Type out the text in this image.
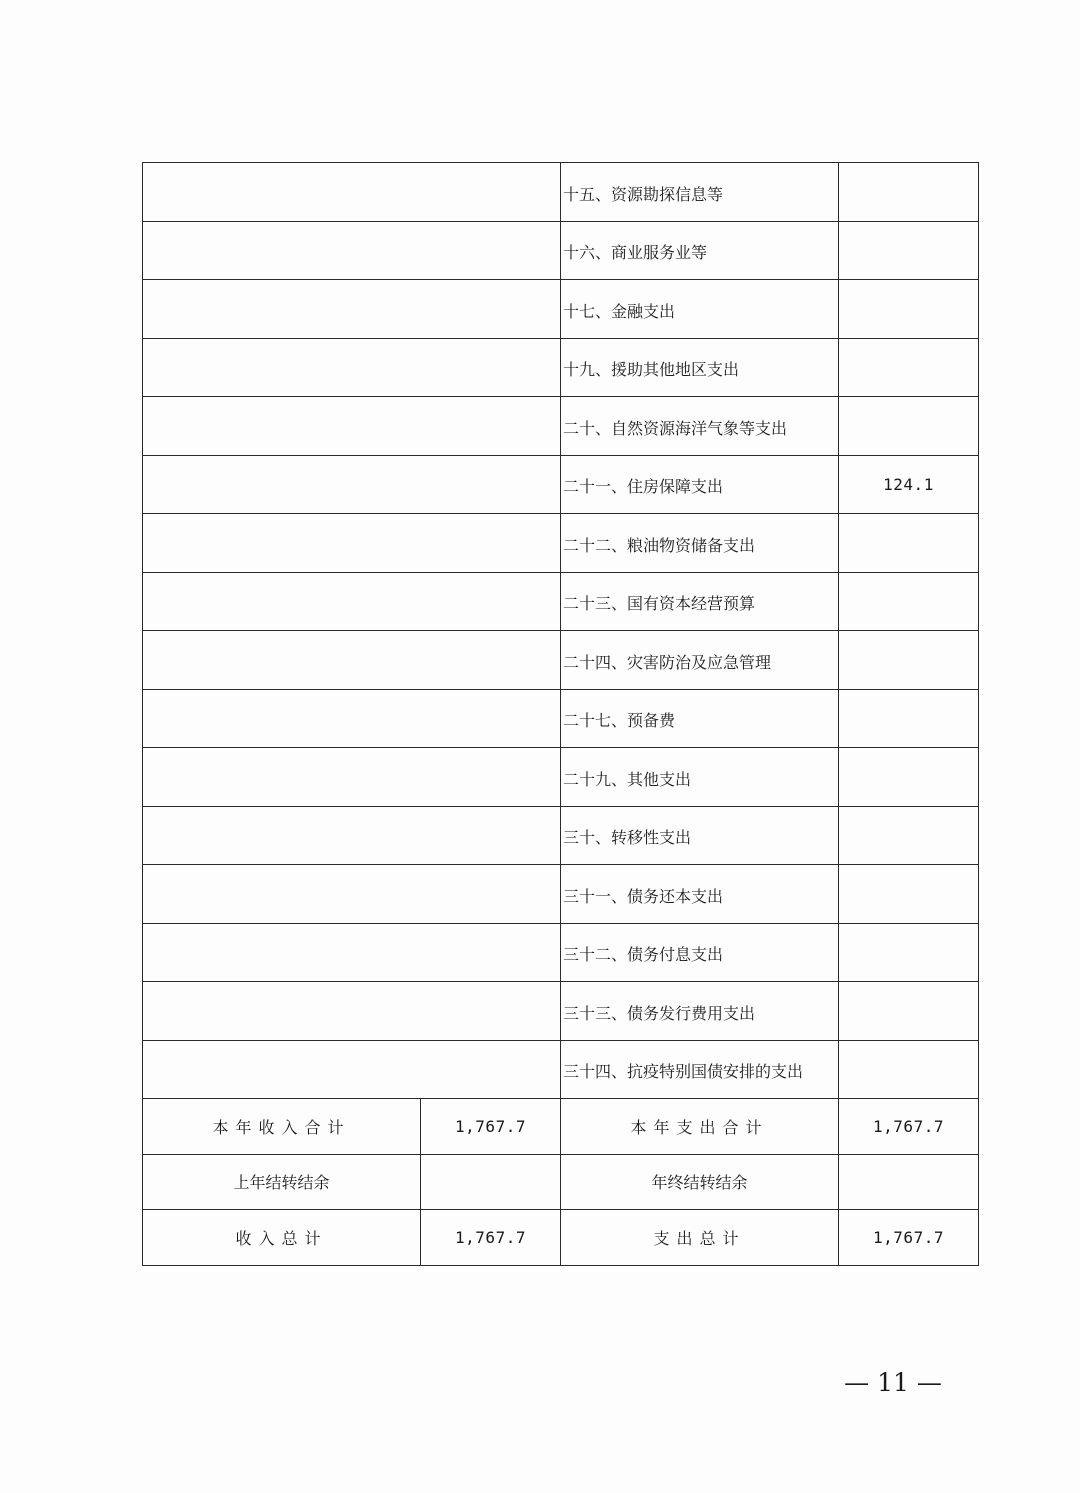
		十五、资源勘探信息等	
		十六、商业服务业等	
		十七、金融支出	
		十九、援助其他地区支出	
		二十、自然资源海洋气象等支出	
		二十一、住房保障支出	124.1
		二十二、粮油物资储备支出	
		二十三、国有资本经营预算	
		二十四、灾害防治及应急管理	
		二十七、预备费	
		二十九、其他支出	
		三十、转移性支出	
		三十一、债务还本支出	
		三十二、债务付息支出	
		三十三、债务发行费用支出	
		三十四、抗疫特别国债安排的支出	
本年收入合计	1,767.7	本年支出合计	1,767.7
上年结转结余		年终结转结余	
收入总计	1,767.7	支出总计	1,767.7
— 11 —
